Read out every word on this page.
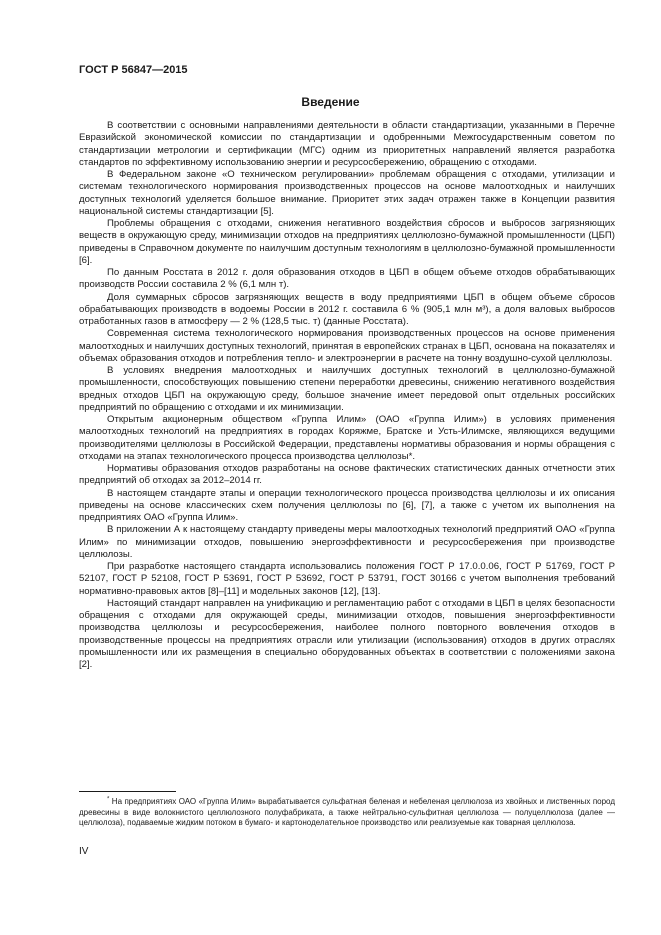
ГОСТ Р 56847—2015
Введение

В соответствии с основными направлениями деятельности в области стандартизации, указанными в Перечне Евразийской экономической комиссии по стандартизации и одобренными Межгосударственным советом по стандартизации метрологии и сертификации (МГС) одним из приоритетных направлений является разработка стандартов по эффективному использованию энергии и ресурсосбережению, обращению с отходами.

В Федеральном законе «О техническом регулировании» проблемам обращения с отходами, утилизации и системам технологического нормирования производственных процессов на основе малоотходных и наилучших доступных технологий уделяется большое внимание. Приоритет этих задач отражен также в Концепции развития национальной системы стандартизации [5].

Проблемы обращения с отходами, снижения негативного воздействия сбросов и выбросов загрязняющих веществ в окружающую среду, минимизации отходов на предприятиях целлюлозно-бумажной промышленности (ЦБП) приведены в Справочном документе по наилучшим доступным технологиям в целлюлозно-бумажной промышленности [6].

По данным Росстата в 2012 г. доля образования отходов в ЦБП в общем объеме отходов обрабатывающих производств России составила 2 % (6,1 млн т).

Доля суммарных сбросов загрязняющих веществ в воду предприятиями ЦБП в общем объеме сбросов обрабатывающих производств в водоемы России в 2012 г. составила 6 % (905,1 млн м³), а доля валовых выбросов отработанных газов в атмосферу — 2 % (128,5 тыс. т) (данные Росстата).

Современная система технологического нормирования производственных процессов на основе применения малоотходных и наилучших доступных технологий, принятая в европейских странах в ЦБП, основана на показателях и объемах образования отходов и потребления тепло- и электроэнергии в расчете на тонну воздушно-сухой целлюлозы.

В условиях внедрения малоотходных и наилучших доступных технологий в целлюлозно-бумажной промышленности, способствующих повышению степени переработки древесины, снижению негативного воздействия вредных отходов ЦБП на окружающую среду, большое значение имеет передовой опыт отдельных российских предприятий по обращению с отходами и их минимизации.

Открытым акционерным обществом «Группа Илим» (ОАО «Группа Илим») в условиях применения малоотходных технологий на предприятиях в городах Коряжме, Братске и Усть-Илимске, являющихся ведущими производителями целлюлозы в Российской Федерации, представлены нормативы образования и нормы обращения с отходами на этапах технологического процесса производства целлюлозы*.

Нормативы образования отходов разработаны на основе фактических статистических данных отчетности этих предприятий об отходах за 2012–2014 гг.

В настоящем стандарте этапы и операции технологического процесса производства целлюлозы и их описания приведены на основе классических схем получения целлюлозы по [6], [7], а также с учетом их выполнения на предприятиях ОАО «Группа Илим».

В приложении А к настоящему стандарту приведены меры малоотходных технологий предприятий ОАО «Группа Илим» по минимизации отходов, повышению энергоэффективности и ресурсосбережения при производстве целлюлозы.

При разработке настоящего стандарта использовались положения ГОСТ Р 17.0.0.06, ГОСТ Р 51769, ГОСТ Р 52107, ГОСТ Р 52108, ГОСТ Р 53691, ГОСТ Р 53692, ГОСТ Р 53791, ГОСТ 30166 с учетом выполнения требований нормативно-правовых актов [8]–[11] и модельных законов [12], [13].

Настоящий стандарт направлен на унификацию и регламентацию работ с отходами в ЦБП в целях безопасности обращения с отходами для окружающей среды, минимизации отходов, повышения энергоэффективности производства целлюлозы и ресурсосбережения, наиболее полного повторного вовлечения отходов в производственные процессы на предприятиях отрасли или утилизации (использования) отходов в других отраслях промышленности или их размещения в специально оборудованных объектах в соответствии с положениями закона [2].

* На предприятиях ОАО «Группа Илим» вырабатывается сульфатная беленая и небеленая целлюлоза из хвойных и лиственных пород древесины в виде волокнистого целлюлозного полуфабриката, а также нейтрально-сульфитная целлюлоза — полуцеллюлоза (далее — целлюлоза), подаваемые жидким потоком в бумаго- и картоноделательное производство или реализуемые как товарная целлюлоза.

IV
